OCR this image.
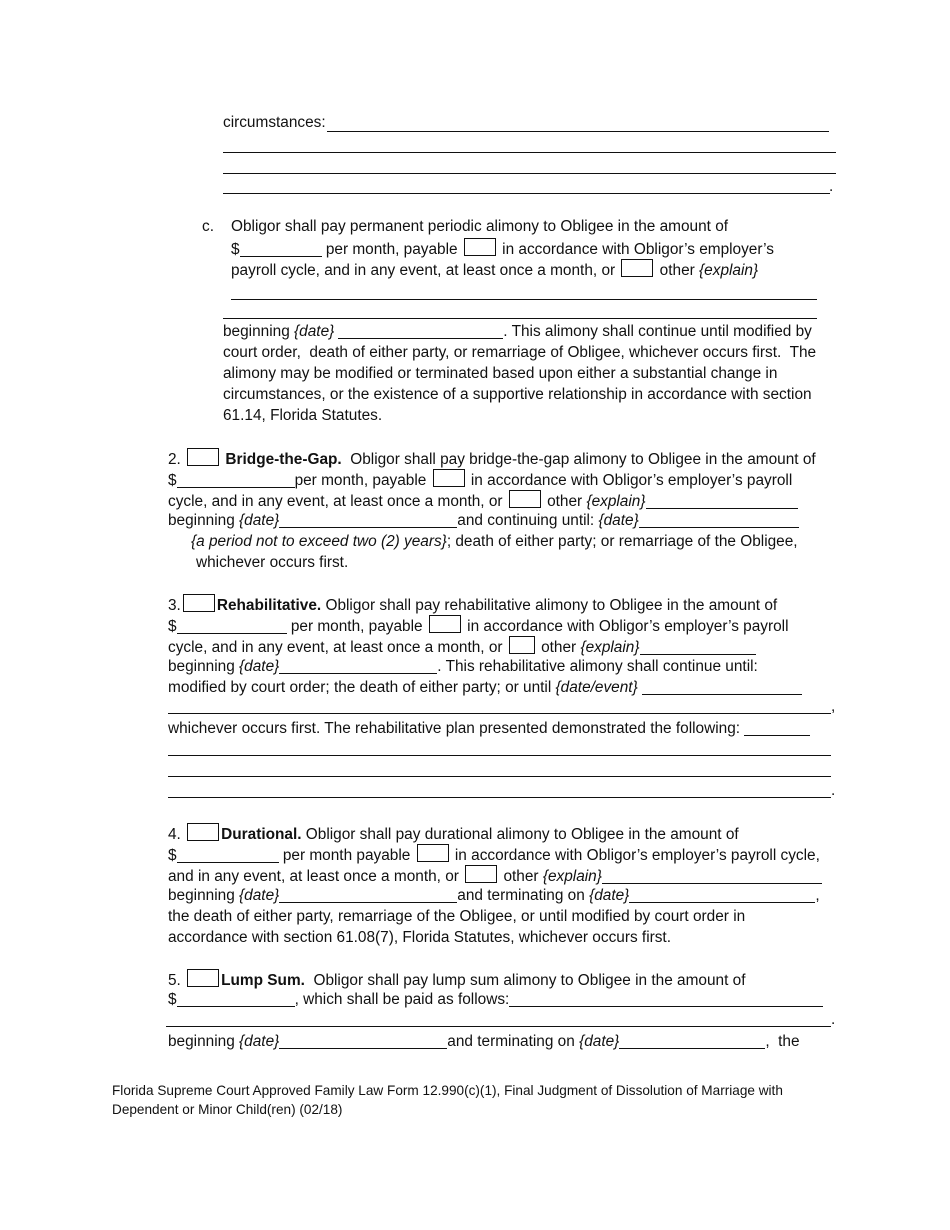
circumstances:
.
c. Obligor shall pay permanent periodic alimony to Obligee in the amount of
$	per month, payable  in accordance with Obligor’s employer’s
payroll cycle, and in any event, at least once a month, or  other {explain}
beginning {date}	. This alimony shall continue until modified by
court order,  death of either party, or remarriage of Obligee, whichever occurs first.  The
alimony may be modified or terminated based upon either a substantial change in
circumstances, or the existence of a supportive relationship in accordance with section
61.14, Florida Statutes.
2.	Bridge-the-Gap.  Obligor shall pay bridge-the-gap alimony to Obligee in the amount of
$	per month, payable  in accordance with Obligor’s employer’s payroll
cycle, and in any event, at least once a month, or  other {explain}
beginning {date}	and continuing until: {date}
{a period not to exceed two (2) years}; death of either party; or remarriage of the Obligee,
whichever occurs first.
3. Rehabilitative. Obligor shall pay rehabilitative alimony to Obligee in the amount of
$	per month, payable  in accordance with Obligor’s employer’s payroll
cycle, and in any event, at least once a month, or  other {explain}
beginning {date}	. This rehabilitative alimony shall continue until:
modified by court order; the death of either party; or until {date/event}
,
whichever occurs first. The rehabilitative plan presented demonstrated the following:
.
4.	Durational. Obligor shall pay durational alimony to Obligee in the amount of
$	per month payable  in accordance with Obligor’s employer’s payroll cycle,
and in any event, at least once a month, or  other {explain}
beginning {date}	and terminating on {date}	,
the death of either party, remarriage of the Obligee, or until modified by court order in
accordance with section 61.08(7), Florida Statutes, whichever occurs first.
5.	Lump Sum.  Obligor shall pay lump sum alimony to Obligee in the amount of
$	, which shall be paid as follows:
.
beginning {date}	and terminating on {date}	,  the
Florida Supreme Court Approved Family Law Form 12.990(c)(1), Final Judgment of Dissolution of Marriage with Dependent or Minor Child(ren) (02/18)
